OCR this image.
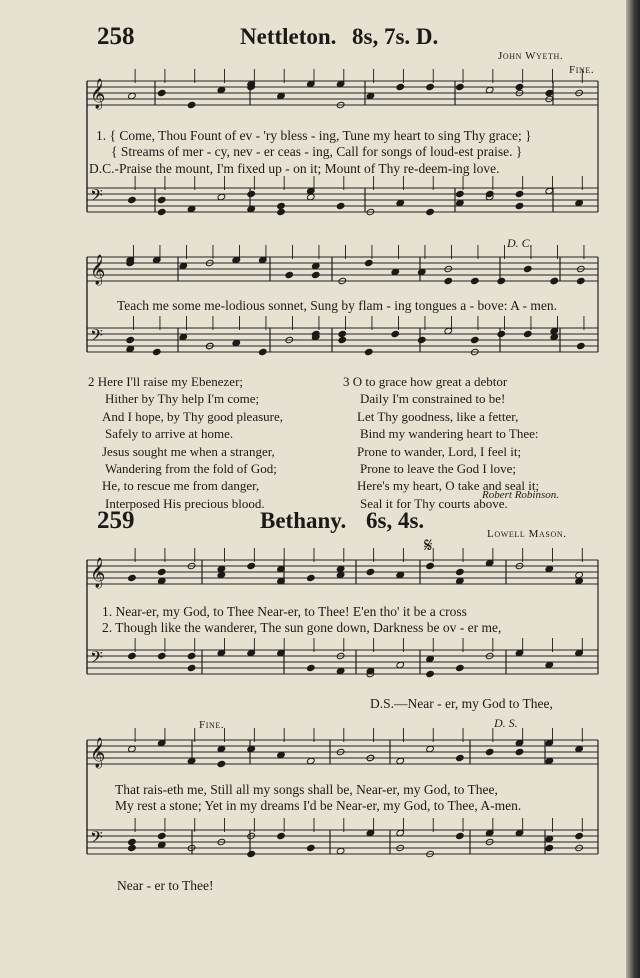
258	Nettleton. 8s, 7s. D.
John Wyeth.
Fine.
1. { Come, Thou Fount of ev - 'ry bless - ing, Tune my heart to sing Thy grace; }
{ Streams of mer - cy, nev - er ceas - ing, Call for songs of loud-est praise. }
D.C.-Praise the mount, I'm fixed up - on it; Mount of Thy re-deem-ing love.
D. C.
Teach me some me-lodious sonnet, Sung by flam - ing tongues a - bove: A - men.
2 Here I'll raise my Ebenezer;
Hither by Thy help I'm come;
And I hope, by Thy good pleasure,
Safely to arrive at home.
Jesus sought me when a stranger,
Wandering from the fold of God;
He, to rescue me from danger,
Interposed His precious blood.
3 O to grace how great a debtor
Daily I'm constrained to be!
Let Thy goodness, like a fetter,
Bind my wandering heart to Thee:
Prone to wander, Lord, I feel it;
Prone to leave the God I love;
Here's my heart, O take and seal it;
Seal it for Thy courts above.
Robert Robinson.
259	Bethany. 6s, 4s.
Lowell Mason.
𝄋
1. Near-er, my God, to Thee Near-er, to Thee! E'en tho' it be a cross
2. Though like the wanderer, The sun gone down, Darkness be ov - er me,
D.S.—Near - er, my God to Thee,
Fine.	D. S.
That rais-eth me, Still all my songs shall be, Near-er, my God, to Thee,
My rest a stone; Yet in my dreams I'd be Near-er, my God, to Thee, A-men.
Near - er to Thee!
𝄞
𝄢
𝄞
𝄢
𝄞
𝄢
𝄞
𝄢
